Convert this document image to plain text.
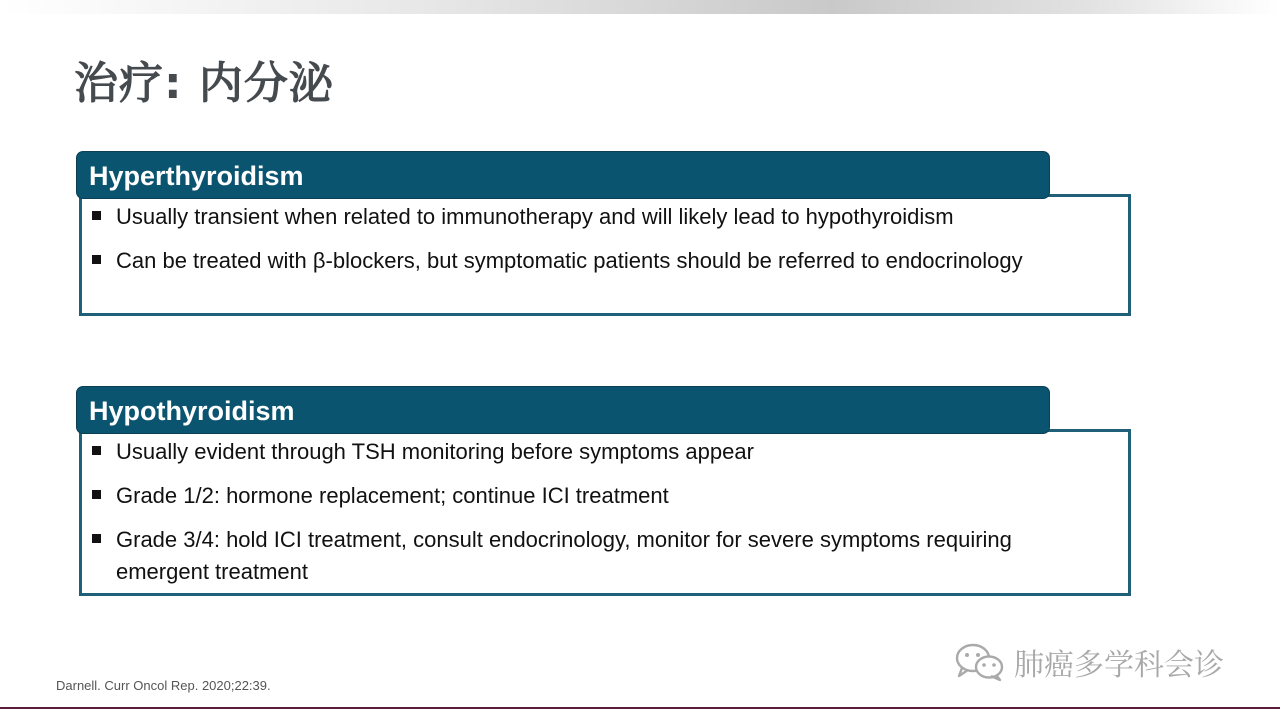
治疗: 内分泌
Usually transient when related to immunotherapy and will likely lead to hypothyroidism
Can be treated with β-blockers, but symptomatic patients should be referred to endocrinology
Hyperthyroidism
Usually evident through TSH monitoring before symptoms appear
Grade 1/2: hormone replacement; continue ICI treatment
Grade 3/4: hold ICI treatment, consult endocrinology, monitor for severe symptoms requiring emergent treatment
Hypothyroidism
Darnell. Curr Oncol Rep. 2020;22:39.
肺癌多学科会诊
